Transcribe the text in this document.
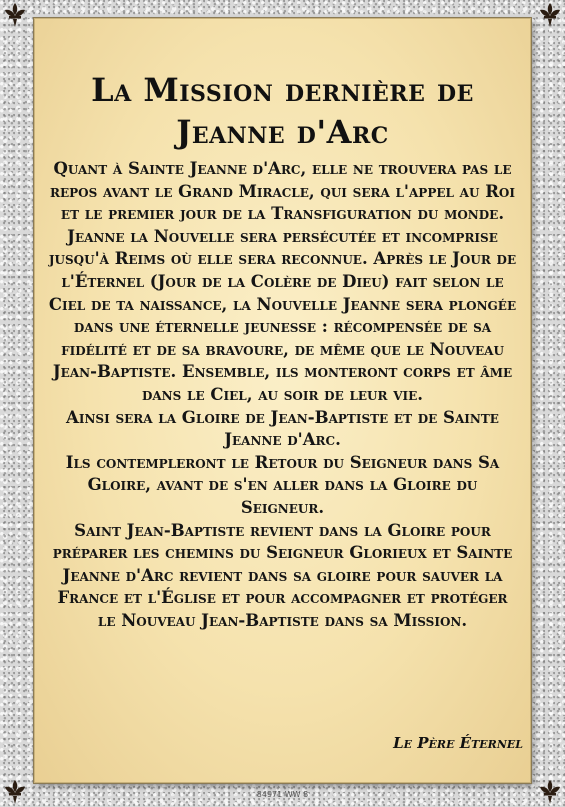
La Mission dernière de
Jeanne d'Arc

Quant à Sainte Jeanne d'Arc, elle ne trouvera pas le repos avant le Grand Miracle, qui sera l'appel au Roi et le premier jour de la Transfiguration du monde. Jeanne la Nouvelle sera persécutée et incomprise jusqu'à Reims où elle sera reconnue. Après le Jour de l'Éternel (Jour de la Colère de Dieu) fait selon le Ciel de ta naissance, la Nouvelle Jeanne sera plongée dans une éternelle jeunesse : récompensée de sa fidélité et de sa bravoure, de même que le Nouveau Jean-Baptiste. Ensemble, ils monteront corps et âme dans le Ciel, au soir de leur vie.

Ainsi sera la Gloire de Jean-Baptiste et de Sainte Jeanne d'Arc.

Ils contempleront le Retour du Seigneur dans Sa Gloire, avant de s'en aller dans la Gloire du Seigneur.

Saint Jean-Baptiste revient dans la Gloire pour préparer les chemins du Seigneur Glorieux et Sainte Jeanne d'Arc revient dans sa gloire pour sauver la France et l'Église et pour accompagner et protéger le Nouveau Jean-Baptiste dans sa Mission.

Le Père Éternel
84971 WW 8
